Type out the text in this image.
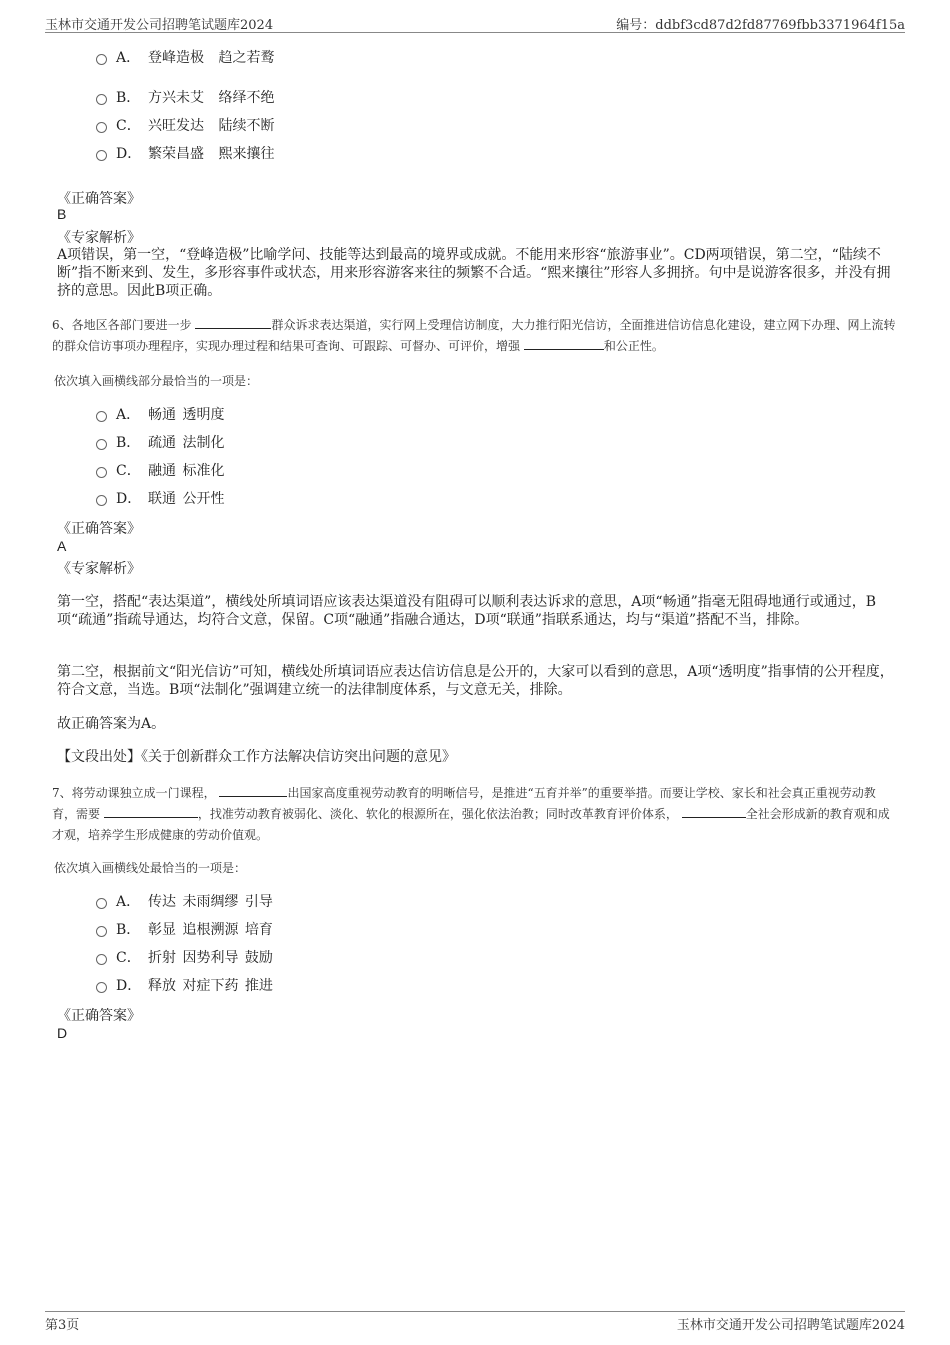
玉林市交通开发公司招聘笔试题库2024	编号：ddbf3cd87d2fd87769fbb3371964f15a
A． 登峰造极 趋之若鹜
B． 方兴未艾 络绎不绝
C． 兴旺发达 陆续不断
D． 繁荣昌盛 熙来攘往
《正确答案》
B
《专家解析》
A项错误，第一空，“登峰造极”比喻学问、技能等达到最高的境界或成就。不能用来形容“旅游事业”。CD两项错误，第二空，“陆续不断”指不断来到、发生，多形容事件或状态，用来形容游客来往的频繁不合适。“熙来攘往”形容人多拥挤。句中是说游客很多，并没有拥挤的意思。因此B项正确。
6、各地区各部门要进一步	群众诉求表达渠道，实行网上受理信访制度，大力推行阳光信访，全面推进信访信息化建设，建立网下办理、网上流转的群众信访事项办理程序，实现办理过程和结果可查询、可跟踪、可督办、可评价，增强	和公正性。
依次填入画横线部分最恰当的一项是：
A． 畅通 透明度
B． 疏通 法制化
C． 融通 标准化
D． 联通 公开性
《正确答案》
A
《专家解析》
第一空，搭配“表达渠道”，横线处所填词语应该表达渠道没有阻碍可以顺利表达诉求的意思，A项“畅通”指毫无阻碍地通行或通过，B项“疏通”指疏导通达，均符合文意，保留。C项“融通”指融合通达，D项“联通”指联系通达，均与“渠道”搭配不当，排除。
第二空，根据前文“阳光信访”可知，横线处所填词语应表达信访信息是公开的，大家可以看到的意思，A项“透明度”指事情的公开程度，符合文意，当选。B项“法制化”强调建立统一的法律制度体系，与文意无关，排除。
故正确答案为A。
【文段出处】《关于创新群众工作方法解决信访突出问题的意见》
7、将劳动课独立成一门课程，	出国家高度重视劳动教育的明晰信号，是推进“五育并举”的重要举措。而要让学校、家长和社会真正重视劳动教育，需要	，找准劳动教育被弱化、淡化、软化的根源所在，强化依法治教；同时改革教育评价体系，	全社会形成新的教育观和成才观，培养学生形成健康的劳动价值观。
依次填入画横线处最恰当的一项是：
A． 传达 未雨绸缪 引导
B． 彰显 追根溯源 培育
C． 折射 因势利导 鼓励
D． 释放 对症下药 推进
《正确答案》
D
第3页	玉林市交通开发公司招聘笔试题库2024
